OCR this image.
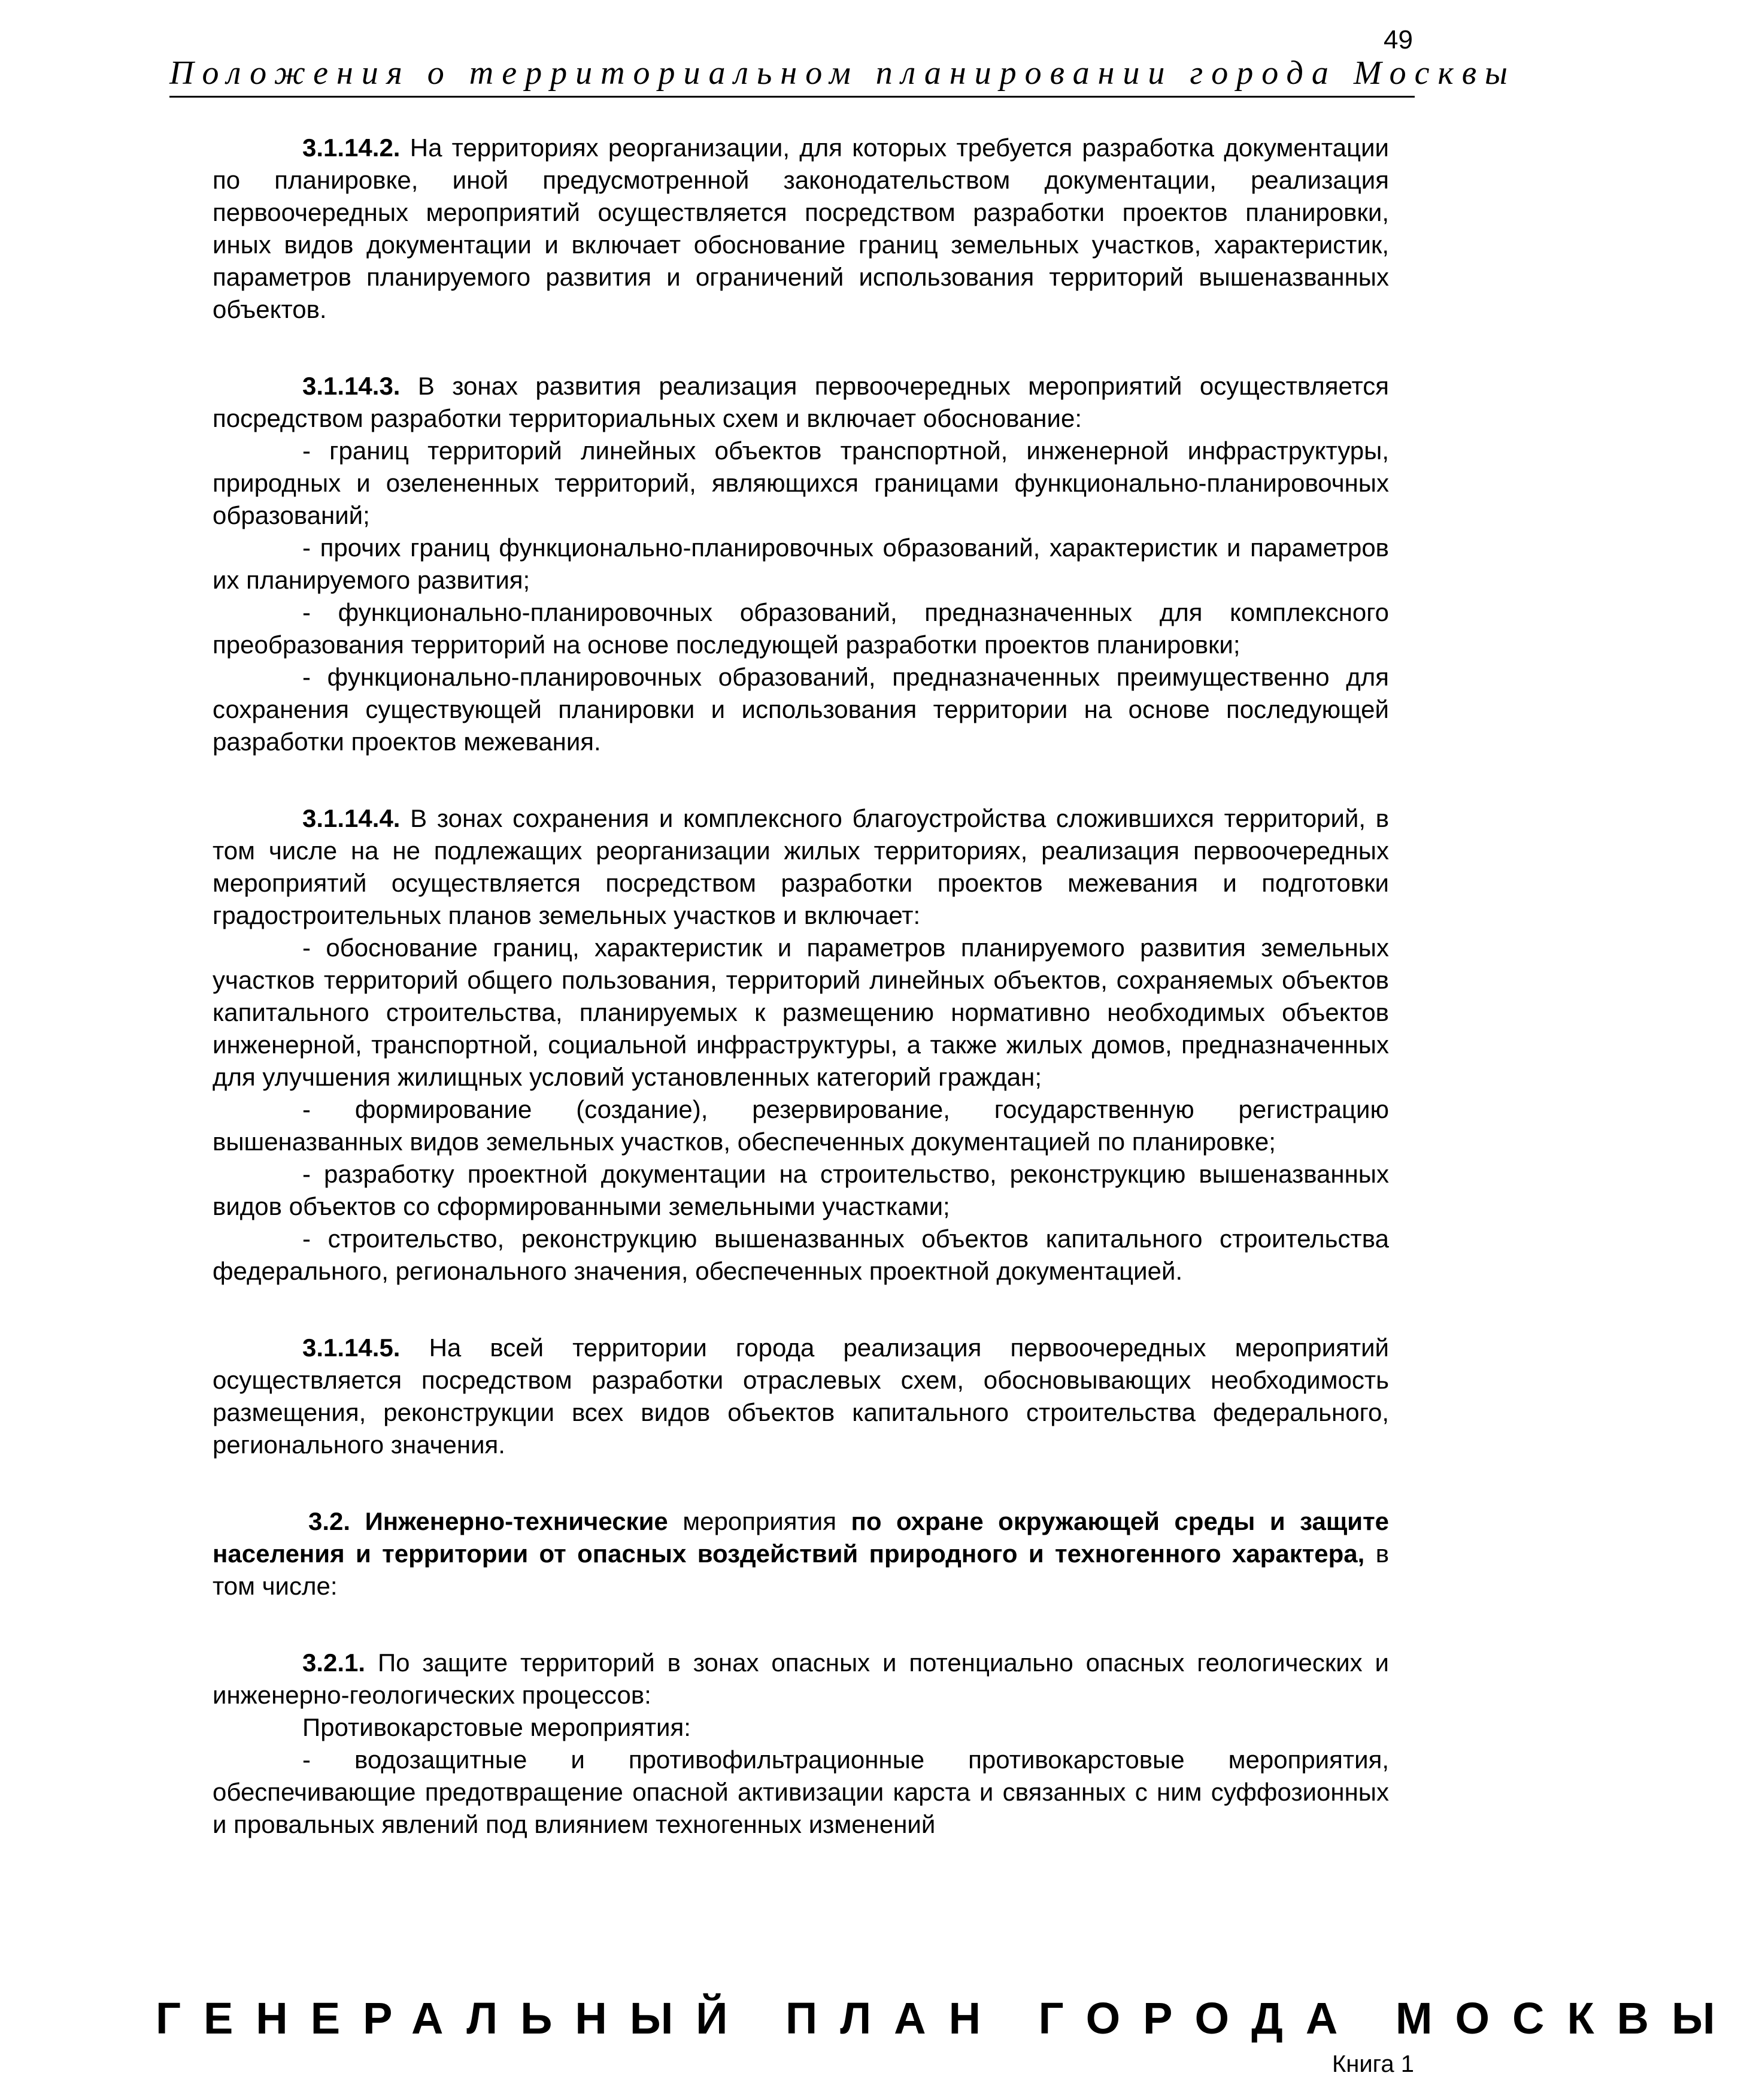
49
Положения о территориальном планировании города Москвы

3.1.14.2. На территориях реорганизации, для которых требуется разработка документации по планировке, иной предусмотренной законодательством документации, реализация первоочередных мероприятий осуществляется посредством разработки проектов планировки, иных видов документации и включает обоснование границ земельных участков, характеристик, параметров планируемого развития и ограничений использования территорий вышеназванных объектов.

3.1.14.3. В зонах развития реализация первоочередных мероприятий осуществляется посредством разработки территориальных схем и включает обоснование:

- границ территорий линейных объектов транспортной, инженерной инфраструктуры, природных и озелененных территорий, являющихся границами функционально-планировочных образований;

- прочих границ функционально-планировочных образований, характеристик и параметров их планируемого развития;

- функционально-планировочных образований, предназначенных для комплексного преобразования территорий на основе последующей разработки проектов планировки;

- функционально-планировочных образований, предназначенных преимущественно для сохранения существующей планировки и использования территории на основе последующей разработки проектов межевания.

3.1.14.4. В зонах сохранения и комплексного благоустройства сложившихся территорий, в том числе на не подлежащих реорганизации жилых территориях, реализация первоочередных мероприятий осуществляется посредством разработки проектов межевания и подготовки градостроительных планов земельных участков и включает:

- обоснование границ, характеристик и параметров планируемого развития земельных участков территорий общего пользования, территорий линейных объектов, сохраняемых объектов капитального строительства, планируемых к размещению нормативно необходимых объектов инженерной, транспортной, социальной инфраструктуры, а также жилых домов, предназначенных для улучшения жилищных условий установленных категорий граждан;

- формирование (создание), резервирование, государственную регистрацию вышеназванных видов земельных участков, обеспеченных документацией по планировке;

- разработку проектной документации на строительство, реконструкцию вышеназванных видов объектов со сформированными земельными участками;

- строительство, реконструкцию вышеназванных объектов капитального строительства федерального, регионального значения, обеспеченных проектной документацией.

3.1.14.5. На всей территории города реализация первоочередных мероприятий осуществляется посредством разработки отраслевых схем, обосновывающих необходимость размещения, реконструкции всех видов объектов капитального строительства федерального, регионального значения.

3.2. Инженерно-технические мероприятия по охране окружающей среды и защите населения и территории от опасных воздействий природного и техногенного характера, в том числе:

3.2.1. По защите территорий в зонах опасных и потенциально опасных геологических и инженерно-геологических процессов:

Противокарстовые мероприятия:

- водозащитные и противофильтрационные противокарстовые мероприятия, обеспечивающие предотвращение опасной активизации карста и связанных с ним суффозионных и провальных явлений под влиянием техногенных изменений

ГЕНЕРАЛЬНЫЙ ПЛАН ГОРОДА МОСКВЫ
Книга 1
